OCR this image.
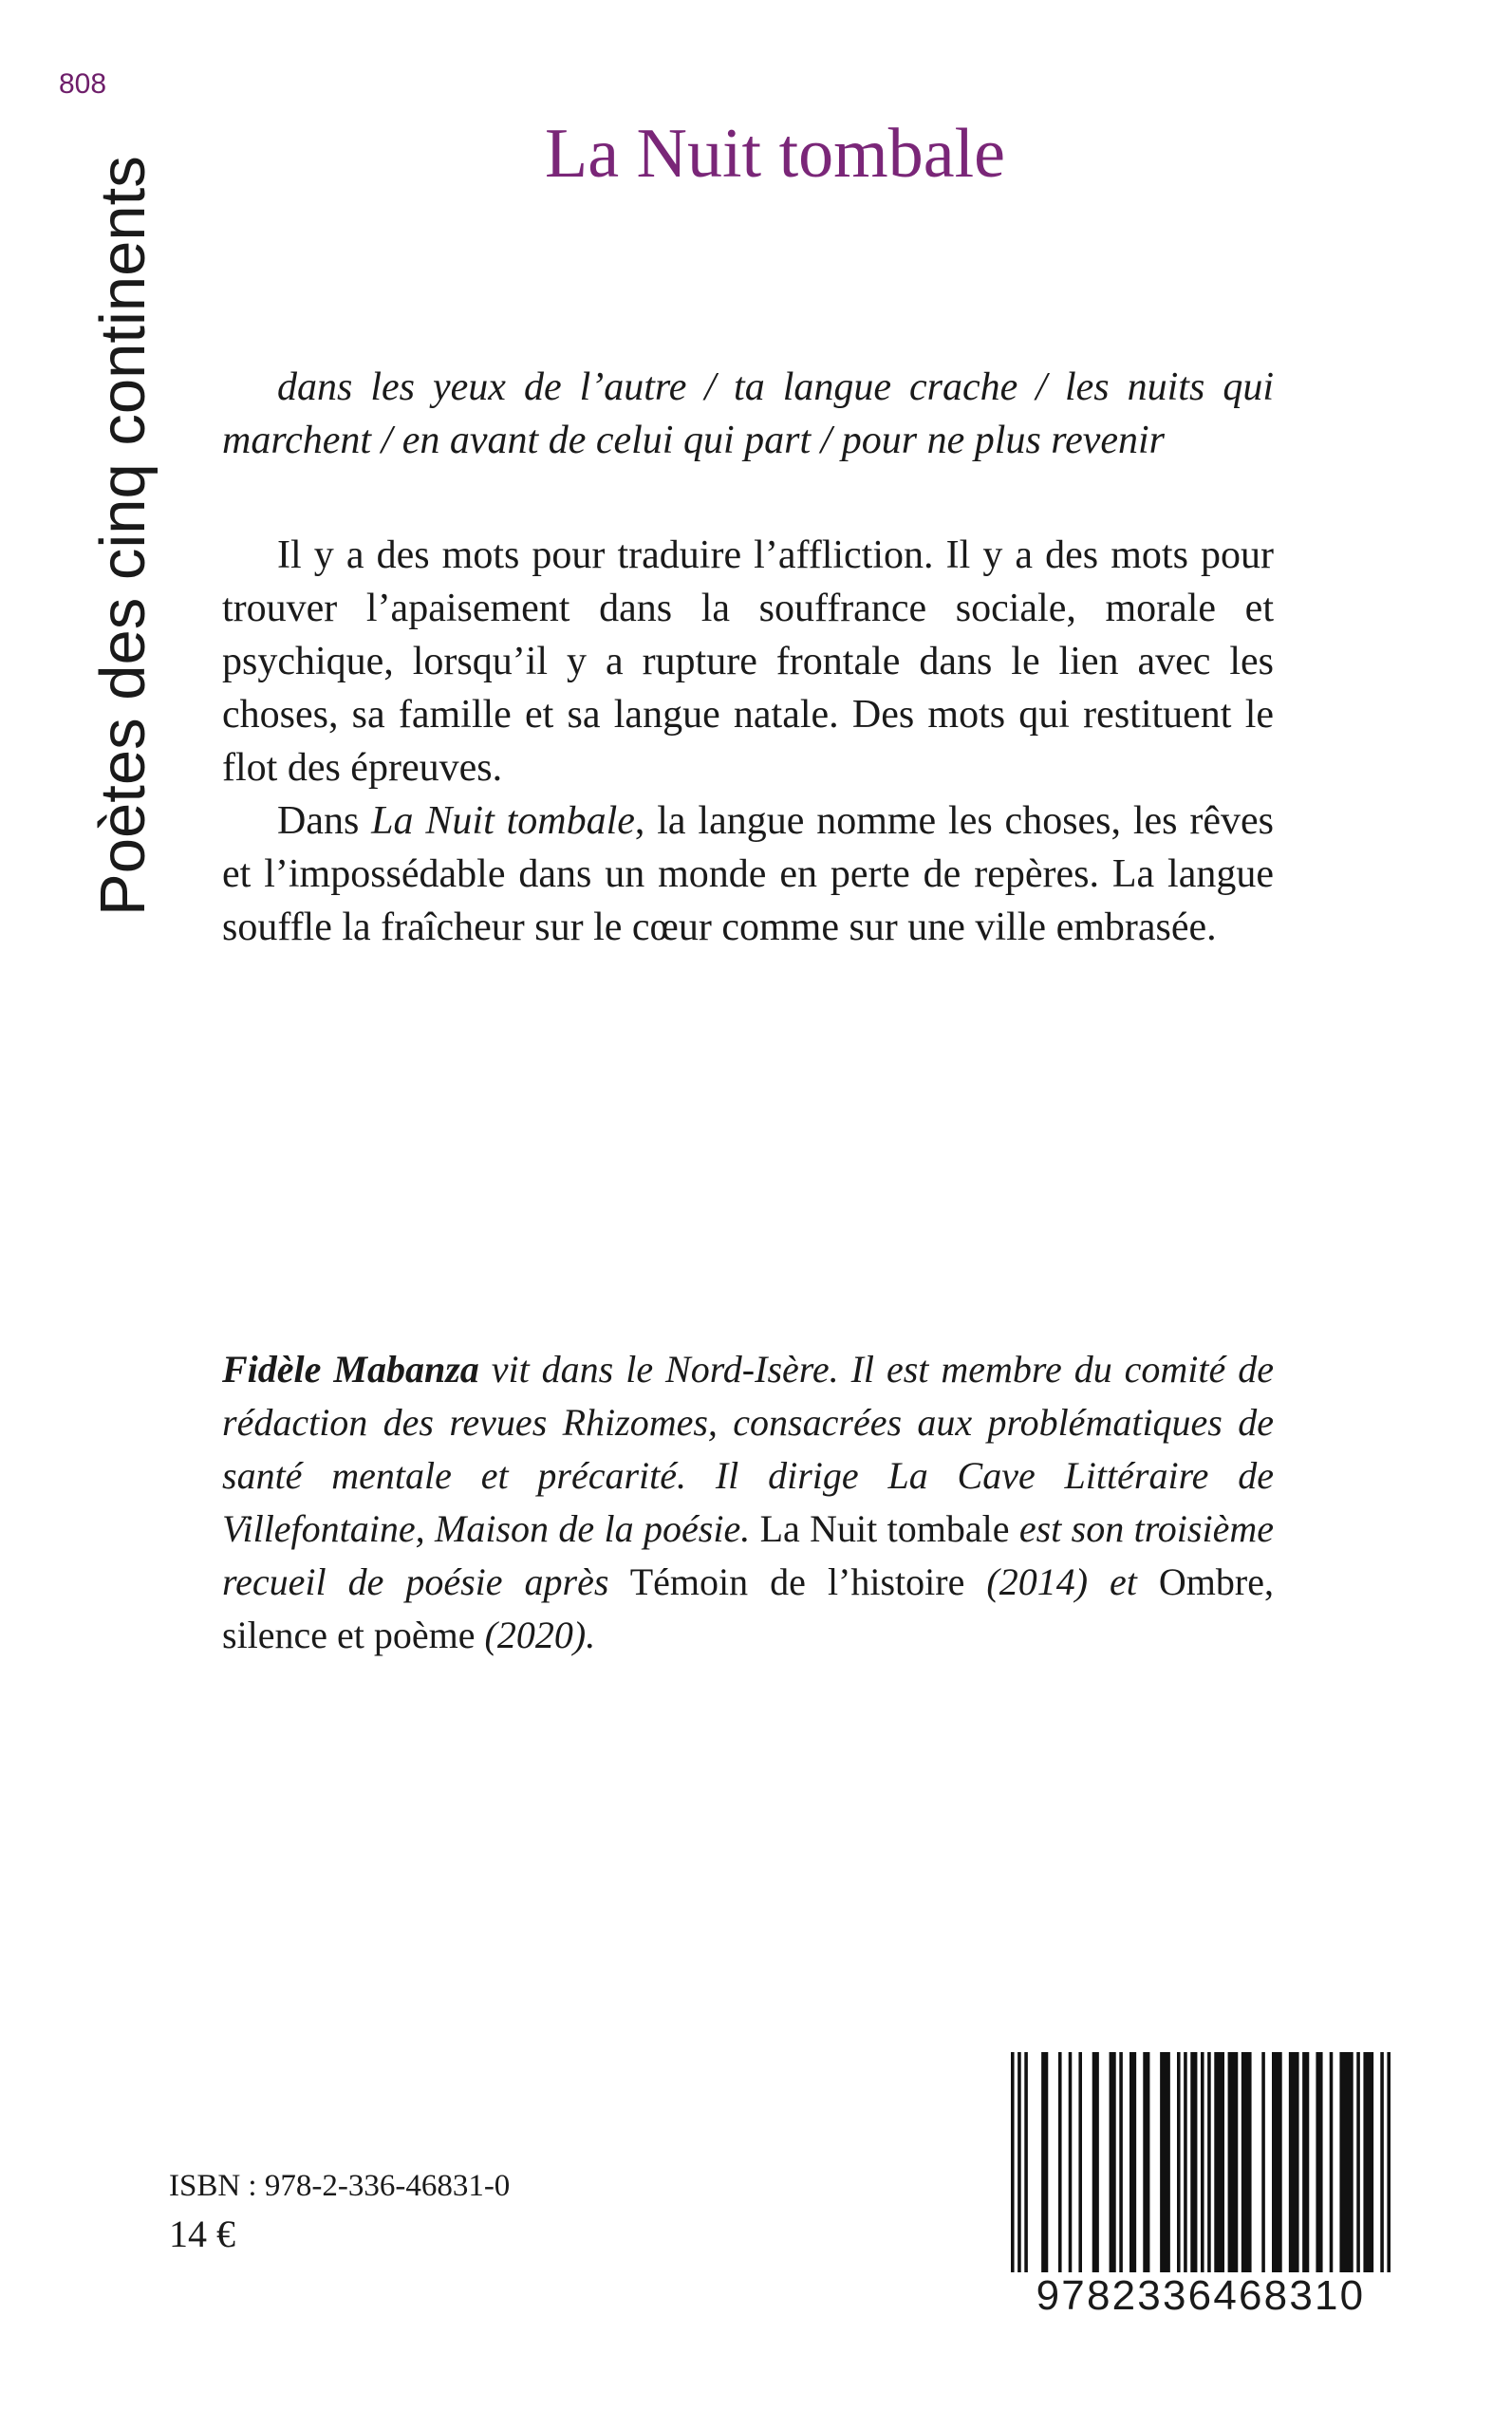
808
Poètes des cinq continents
La Nuit tombale
dans les yeux de l’autre / ta langue crache / les nuits qui marchent / en avant de celui qui part / pour ne plus revenir

Il y a des mots pour traduire l’affliction. Il y a des mots pour trouver l’apaisement dans la souffrance sociale, morale et psychique, lorsqu’il y a rupture frontale dans le lien avec les choses, sa famille et sa langue natale. Des mots qui restituent le flot des épreuves.

Dans La Nuit tombale, la langue nomme les choses, les rêves et l’impossédable dans un monde en perte de repères. La langue souffle la fraîcheur sur le cœur comme sur une ville embrasée.

Fidèle Mabanza vit dans le Nord-Isère. Il est membre du comité de rédaction des revues Rhizomes, consacrées aux problématiques de santé mentale et précarité. Il dirige La Cave Littéraire de Villefontaine, Maison de la poésie. La Nuit tombale est son troisième recueil de poésie après Témoin de l’histoire (2014) et Ombre, silence et poème (2020).
ISBN : 978-2-336-46831-0
14 €
9782336468310
